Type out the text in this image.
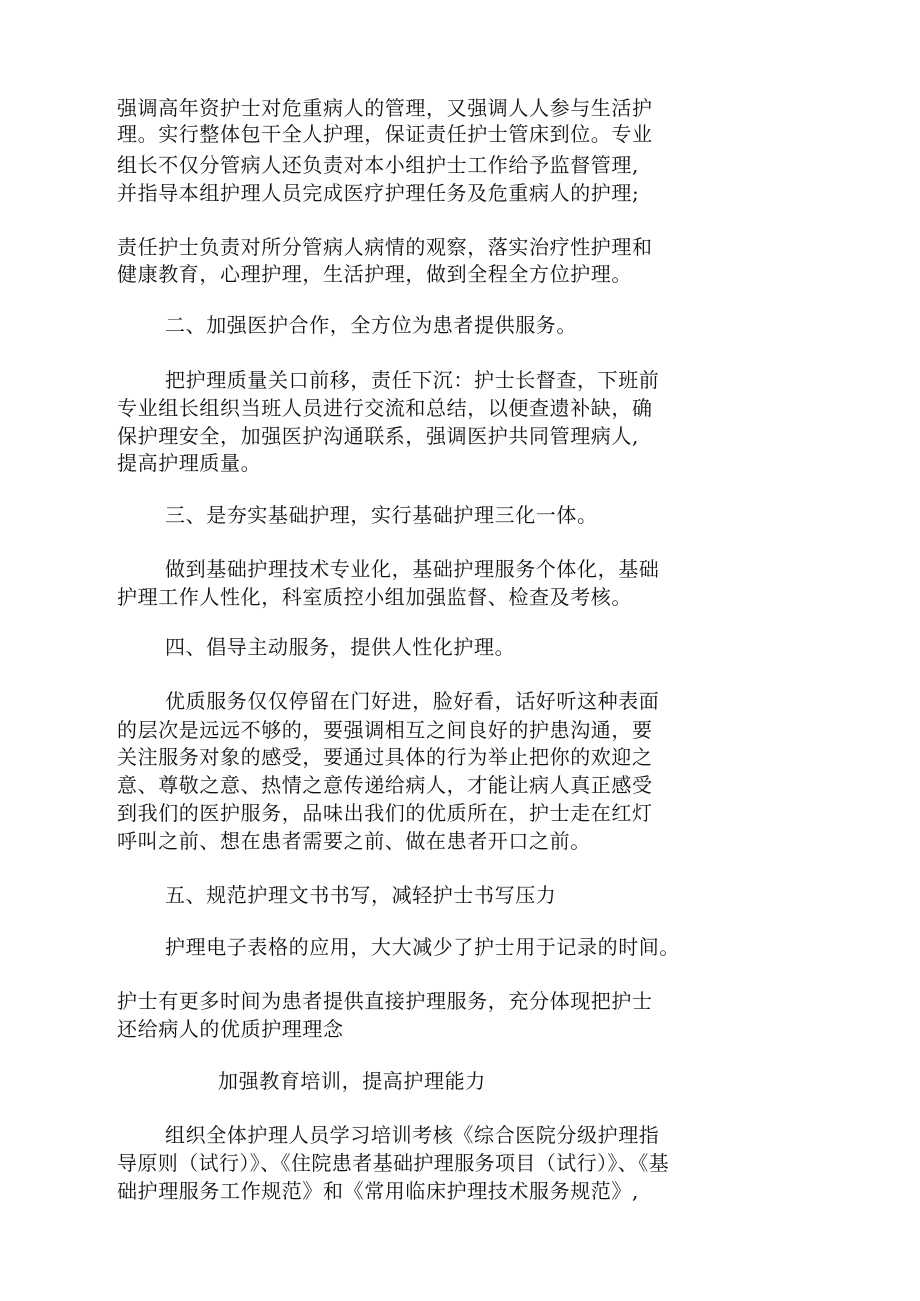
强调高年资护士对危重病人的管理，又强调人人参与生活护
理。实行整体包干全人护理，保证责任护士管床到位。专业
组长不仅分管病人还负责对本小组护士工作给予监督管理,
并指导本组护理人员完成医疗护理任务及危重病人的护理;
责任护士负责对所分管病人病情的观察，落实治疗性护理和
健康教育，心理护理，生活护理，做到全程全方位护理。
二、加强医护合作，全方位为患者提供服务。
把护理质量关口前移，责任下沉：护士长督查，下班前
专业组长组织当班人员进行交流和总结，以便查遗补缺，确
保护理安全，加强医护沟通联系，强调医护共同管理病人,
提高护理质量。
三、是夯实基础护理，实行基础护理三化一体。
做到基础护理技术专业化，基础护理服务个体化，基础
护理工作人性化，科室质控小组加强监督、检查及考核。
四、倡导主动服务，提供人性化护理。
优质服务仅仅停留在门好进，脸好看，话好听这种表面
的层次是远远不够的，要强调相互之间良好的护患沟通，要
关注服务对象的感受，要通过具体的行为举止把你的欢迎之
意、尊敬之意、热情之意传递给病人，才能让病人真正感受
到我们的医护服务，品味出我们的优质所在，护士走在红灯
呼叫之前、想在患者需要之前、做在患者开口之前。
五、规范护理文书书写，减轻护士书写压力
护理电子表格的应用，大大减少了护士用于记录的时间。
护士有更多时间为患者提供直接护理服务，充分体现把护士
还给病人的优质护理理念
加强教育培训，提高护理能力
组织全体护理人员学习培训考核《综合医院分级护理指
导原则（试行）》、《住院患者基础护理服务项目（试行）》、《基
础护理服务工作规范》和《常用临床护理技术服务规范》,
